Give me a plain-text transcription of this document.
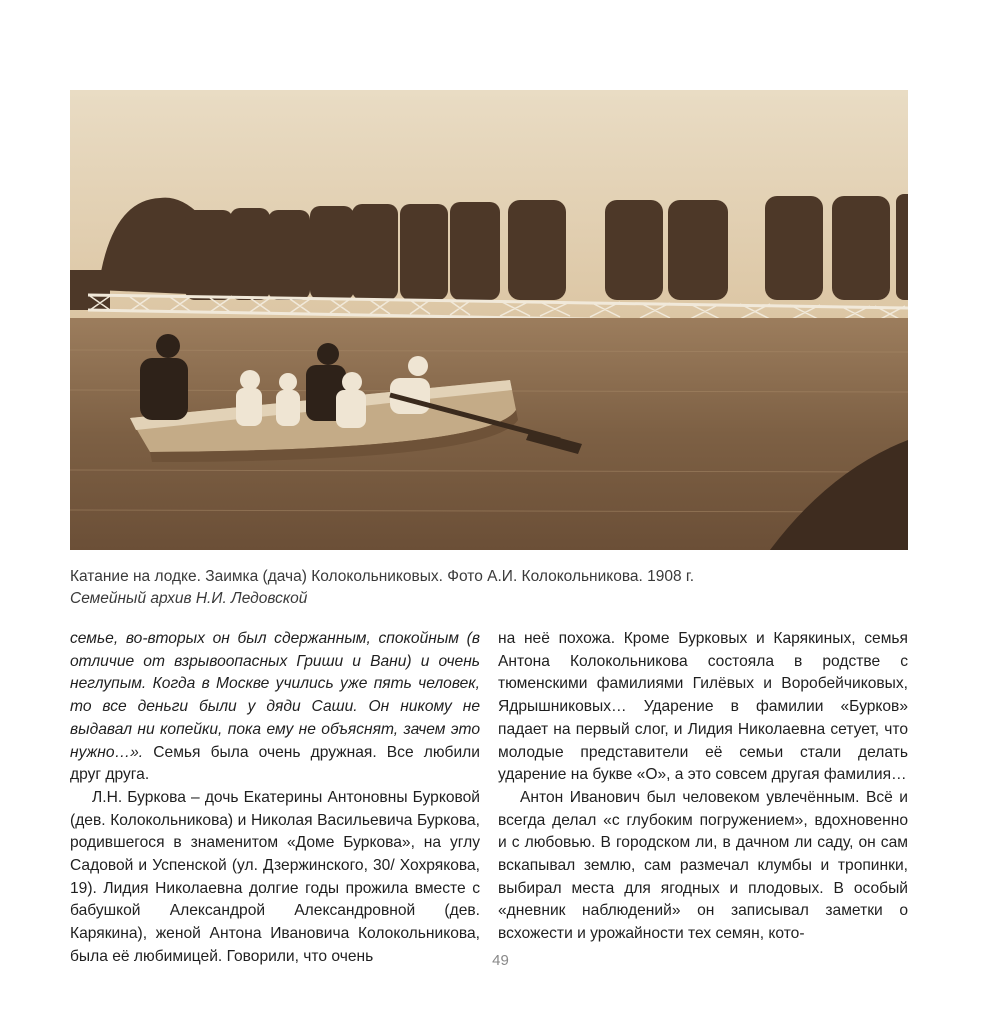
Катание на лодке. Заимка (дача) Колокольниковых. Фото А.И. Колокольникова. 1908 г.
Семейный архив Н.И. Ледовской

семье, во-вторых он был сдержанным, спокойным (в отличие от взрывоопасных Гриши и Вани) и очень неглупым. Когда в Москве учились уже пять человек, то все деньги были у дяди Саши. Он никому не выдавал ни копейки, пока ему не объяснят, зачем это нужно…». Семья была очень дружная. Все любили друг друга.

Л.Н. Буркова – дочь Екатерины Антоновны Бурковой (дев. Колокольникова) и Николая Васильевича Буркова, родившегося в знаменитом «Доме Буркова», на углу Садовой и Успенской (ул. Дзержинского, 30/ Хохрякова, 19). Лидия Николаевна долгие годы прожила вместе с бабушкой Александрой Александровной (дев. Карякина), женой Антона Ивановича Колокольникова, была её любимицей. Говорили, что очень

на неё похожа. Кроме Бурковых и Карякиных, семья Антона Колокольникова состояла в родстве с тюменскими фамилиями Гилёвых и Воробейчиковых, Ядрышниковых… Ударение в фамилии «Бурков» падает на первый слог, и Лидия Николаевна сетует, что молодые представители её семьи стали делать ударение на букве «О», а это совсем другая фамилия…

Антон Иванович был человеком увлечённым. Всё и всегда делал «с глубоким погружением», вдохновенно и с любовью. В городском ли, в дачном ли саду, он сам вскапывал землю, сам размечал клумбы и тропинки, выбирал места для ягодных и плодовых. В особый «дневник наблюдений» он записывал заметки о всхожести и урожайности тех семян, кото-

49
